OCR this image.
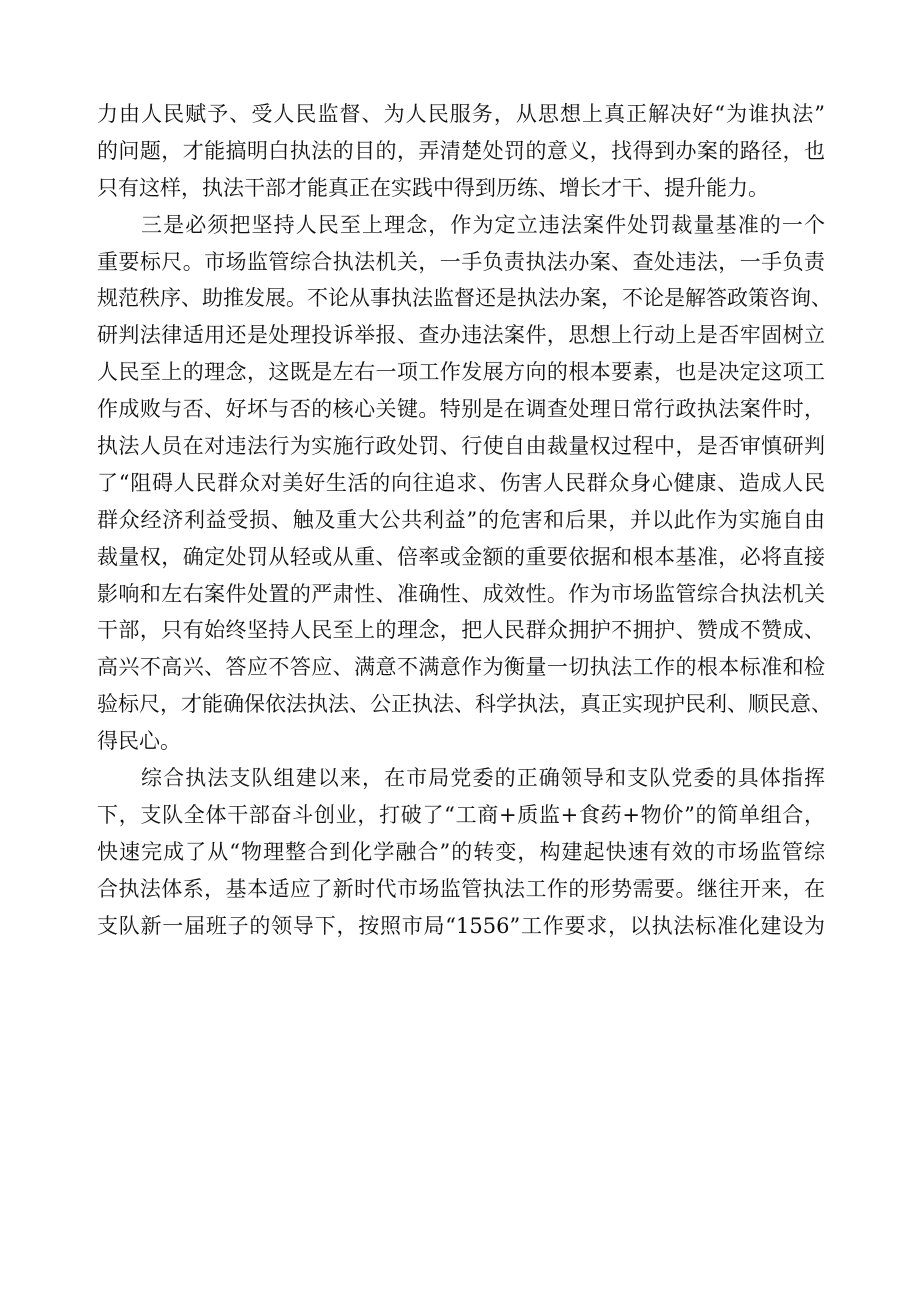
力由人民赋予、受人民监督、为人民服务，从思想上真正解决好“为谁执法”
的问题，才能搞明白执法的目的，弄清楚处罚的意义，找得到办案的路径，也
只有这样，执法干部才能真正在实践中得到历练、增长才干、提升能力。
三是必须把坚持人民至上理念，作为定立违法案件处罚裁量基准的一个
重要标尺。市场监管综合执法机关，一手负责执法办案、查处违法，一手负责
规范秩序、助推发展。不论从事执法监督还是执法办案，不论是解答政策咨询、
研判法律适用还是处理投诉举报、查办违法案件，思想上行动上是否牢固树立
人民至上的理念，这既是左右一项工作发展方向的根本要素，也是决定这项工
作成败与否、好坏与否的核心关键。特别是在调查处理日常行政执法案件时，
执法人员在对违法行为实施行政处罚、行使自由裁量权过程中，是否审慎研判
了“阻碍人民群众对美好生活的向往追求、伤害人民群众身心健康、造成人民
群众经济利益受损、触及重大公共利益”的危害和后果，并以此作为实施自由
裁量权，确定处罚从轻或从重、倍率或金额的重要依据和根本基准，必将直接
影响和左右案件处置的严肃性、准确性、成效性。作为市场监管综合执法机关
干部，只有始终坚持人民至上的理念，把人民群众拥护不拥护、赞成不赞成、
高兴不高兴、答应不答应、满意不满意作为衡量一切执法工作的根本标准和检
验标尺，才能确保依法执法、公正执法、科学执法，真正实现护民利、顺民意、
得民心。
综合执法支队组建以来，在市局党委的正确领导和支队党委的具体指挥
下，支队全体干部奋斗创业，打破了“工商+质监+食药+物价”的简单组合，
快速完成了从“物理整合到化学融合”的转变，构建起快速有效的市场监管综
合执法体系，基本适应了新时代市场监管执法工作的形势需要。继往开来，在
支队新一届班子的领导下，按照市局“1556”工作要求，以执法标准化建设为
